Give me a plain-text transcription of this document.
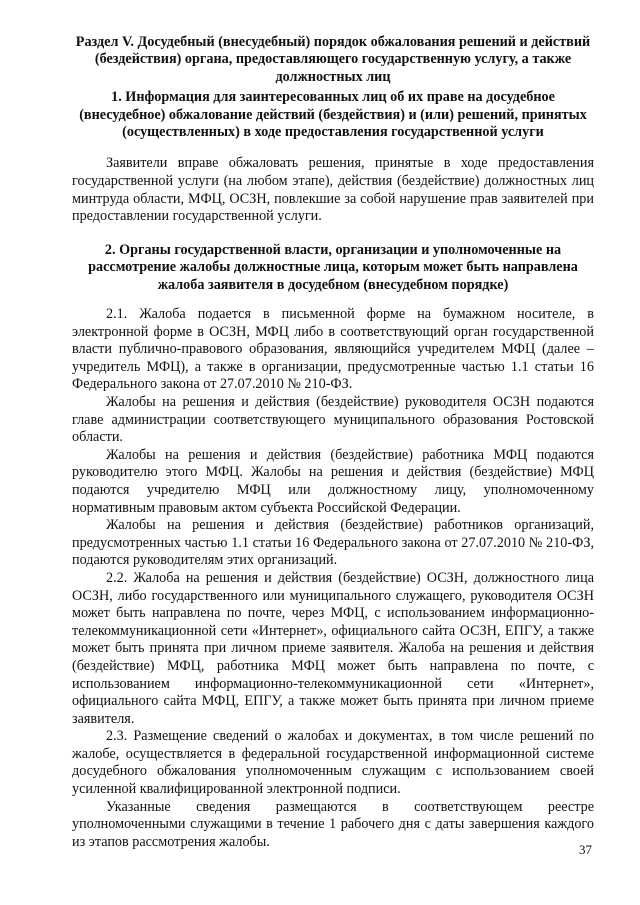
Раздел V. Досудебный (внесудебный) порядок обжалования решений и действий (бездействия) органа, предоставляющего государственную услугу, а также должностных лиц
1. Информация для заинтересованных лиц об их праве на досудебное (внесудебное) обжалование действий (бездействия) и (или) решений, принятых (осуществленных) в ходе предоставления государственной услуги

Заявители вправе обжаловать решения, принятые в ходе предоставления государственной услуги (на любом этапе), действия (бездействие) должностных лиц минтруда области, МФЦ, ОСЗН, повлекшие за собой нарушение прав заявителей при предоставлении государственной услуги.

2. Органы государственной власти, организации и уполномоченные на рассмотрение жалобы должностные лица, которым может быть направлена жалоба заявителя в досудебном (внесудебном порядке)

2.1. Жалоба подается в письменной форме на бумажном носителе, в электронной форме в ОСЗН, МФЦ либо в соответствующий орган государственной власти публично-правового образования, являющийся учредителем МФЦ (далее – учредитель МФЦ), а также в организации, предусмотренные частью 1.1 статьи 16 Федерального закона от 27.07.2010 № 210-ФЗ.

Жалобы на решения и действия (бездействие) руководителя ОСЗН подаются главе администрации соответствующего муниципального образования Ростовской области.

Жалобы на решения и действия (бездействие) работника МФЦ подаются руководителю этого МФЦ. Жалобы на решения и действия (бездействие) МФЦ подаются учредителю МФЦ или должностному лицу, уполномоченному нормативным правовым актом субъекта Российской Федерации.

Жалобы на решения и действия (бездействие) работников организаций, предусмотренных частью 1.1 статьи 16 Федерального закона от 27.07.2010 № 210-ФЗ, подаются руководителям этих организаций.

2.2. Жалоба на решения и действия (бездействие) ОСЗН, должностного лица ОСЗН, либо государственного или муниципального служащего, руководителя ОСЗН может быть направлена по почте, через МФЦ, с использованием информационно-телекоммуникационной сети «Интернет», официального сайта ОСЗН, ЕПГУ, а также может быть принята при личном приеме заявителя. Жалоба на решения и действия (бездействие) МФЦ, работника МФЦ может быть направлена по почте, с использованием информационно-телекоммуникационной сети «Интернет», официального сайта МФЦ, ЕПГУ, а также может быть принята при личном приеме заявителя.

2.3. Размещение сведений о жалобах и документах, в том числе решений по жалобе, осуществляется в федеральной государственной информационной системе досудебного обжалования уполномоченным служащим с использованием своей усиленной квалифицированной электронной подписи.

Указанные сведения размещаются в соответствующем реестре уполномоченными служащими в течение 1 рабочего дня с даты завершения каждого из этапов рассмотрения жалобы.	37
